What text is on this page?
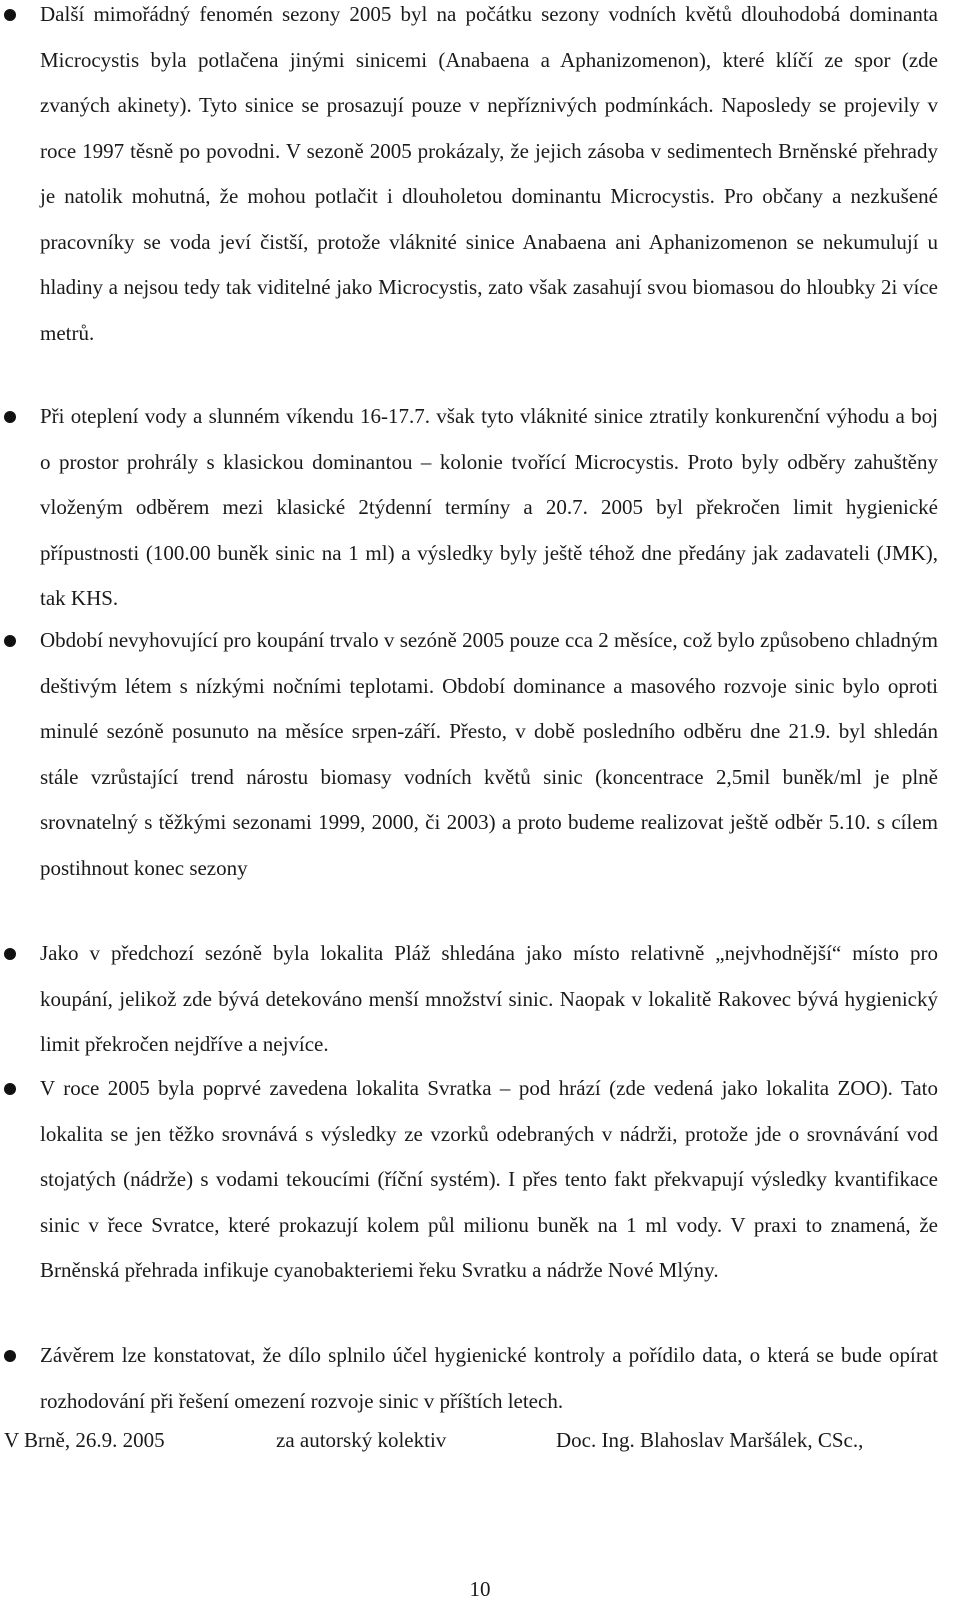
Další mimořádný fenomén sezony 2005 byl na počátku sezony vodních květů dlouhodobá dominanta Microcystis byla potlačena jinými sinicemi (Anabaena a Aphanizomenon), které klíčí ze spor (zde zvaných akinety). Tyto sinice se prosazují pouze v nepříznivých podmínkách. Naposledy se projevily v roce 1997 těsně po povodni. V sezoně 2005 prokázaly, že jejich zásoba v sedimentech Brněnské přehrady je natolik mohutná, že mohou potlačit i dlouholetou dominantu Microcystis. Pro občany a nezkušené pracovníky se voda jeví čistší, protože vláknité sinice Anabaena ani Aphanizomenon se nekumulují u hladiny a nejsou tedy tak viditelné jako Microcystis, zato však zasahují svou biomasou do hloubky 2i více metrů.

Při oteplení vody a slunném víkendu 16-17.7. však tyto vláknité sinice ztratily konkurenční výhodu a boj o prostor prohrály s klasickou dominantou – kolonie tvořící Microcystis. Proto byly odběry zahuštěny vloženým odběrem mezi klasické 2týdenní termíny a 20.7. 2005 byl překročen limit hygienické přípustnosti (100.00 buněk sinic na 1 ml) a výsledky byly ještě téhož dne předány jak zadavateli (JMK), tak KHS.

Období nevyhovující pro koupání trvalo v sezóně 2005 pouze cca 2 měsíce, což bylo způsobeno chladným deštivým létem s nízkými nočními teplotami. Období dominance a masového rozvoje sinic bylo oproti minulé sezóně posunuto na měsíce srpen-září. Přesto, v době posledního odběru dne 21.9. byl shledán stále vzrůstající trend nárostu biomasy vodních květů sinic (koncentrace 2,5mil buněk/ml je plně srovnatelný s těžkými sezonami 1999, 2000, či 2003) a proto budeme realizovat ještě odběr 5.10. s cílem postihnout konec sezony

Jako v předchozí sezóně byla lokalita Pláž shledána jako místo relativně „nejvhodnější“ místo pro koupání, jelikož zde bývá detekováno menší množství sinic. Naopak v lokalitě Rakovec bývá hygienický limit překročen nejdříve a nejvíce.

V roce 2005 byla poprvé zavedena lokalita Svratka – pod hrází (zde vedená jako lokalita ZOO). Tato lokalita se jen těžko srovnává s výsledky ze vzorků odebraných v nádrži, protože jde o srovnávání vod stojatých (nádrže) s vodami tekoucími (říční systém). I přes tento fakt překvapují výsledky kvantifikace sinic v řece Svratce, které prokazují kolem půl milionu buněk na 1 ml vody. V praxi to znamená, že Brněnská přehrada infikuje cyanobakteriemi řeku Svratku a nádrže Nové Mlýny.

Závěrem lze konstatovat, že dílo splnilo účel hygienické kontroly a pořídilo data, o která se bude opírat rozhodování při řešení omezení rozvoje sinic v příštích letech.

V Brně, 26.9. 2005	za autorský kolektiv	Doc. Ing. Blahoslav Maršálek, CSc.,
10
